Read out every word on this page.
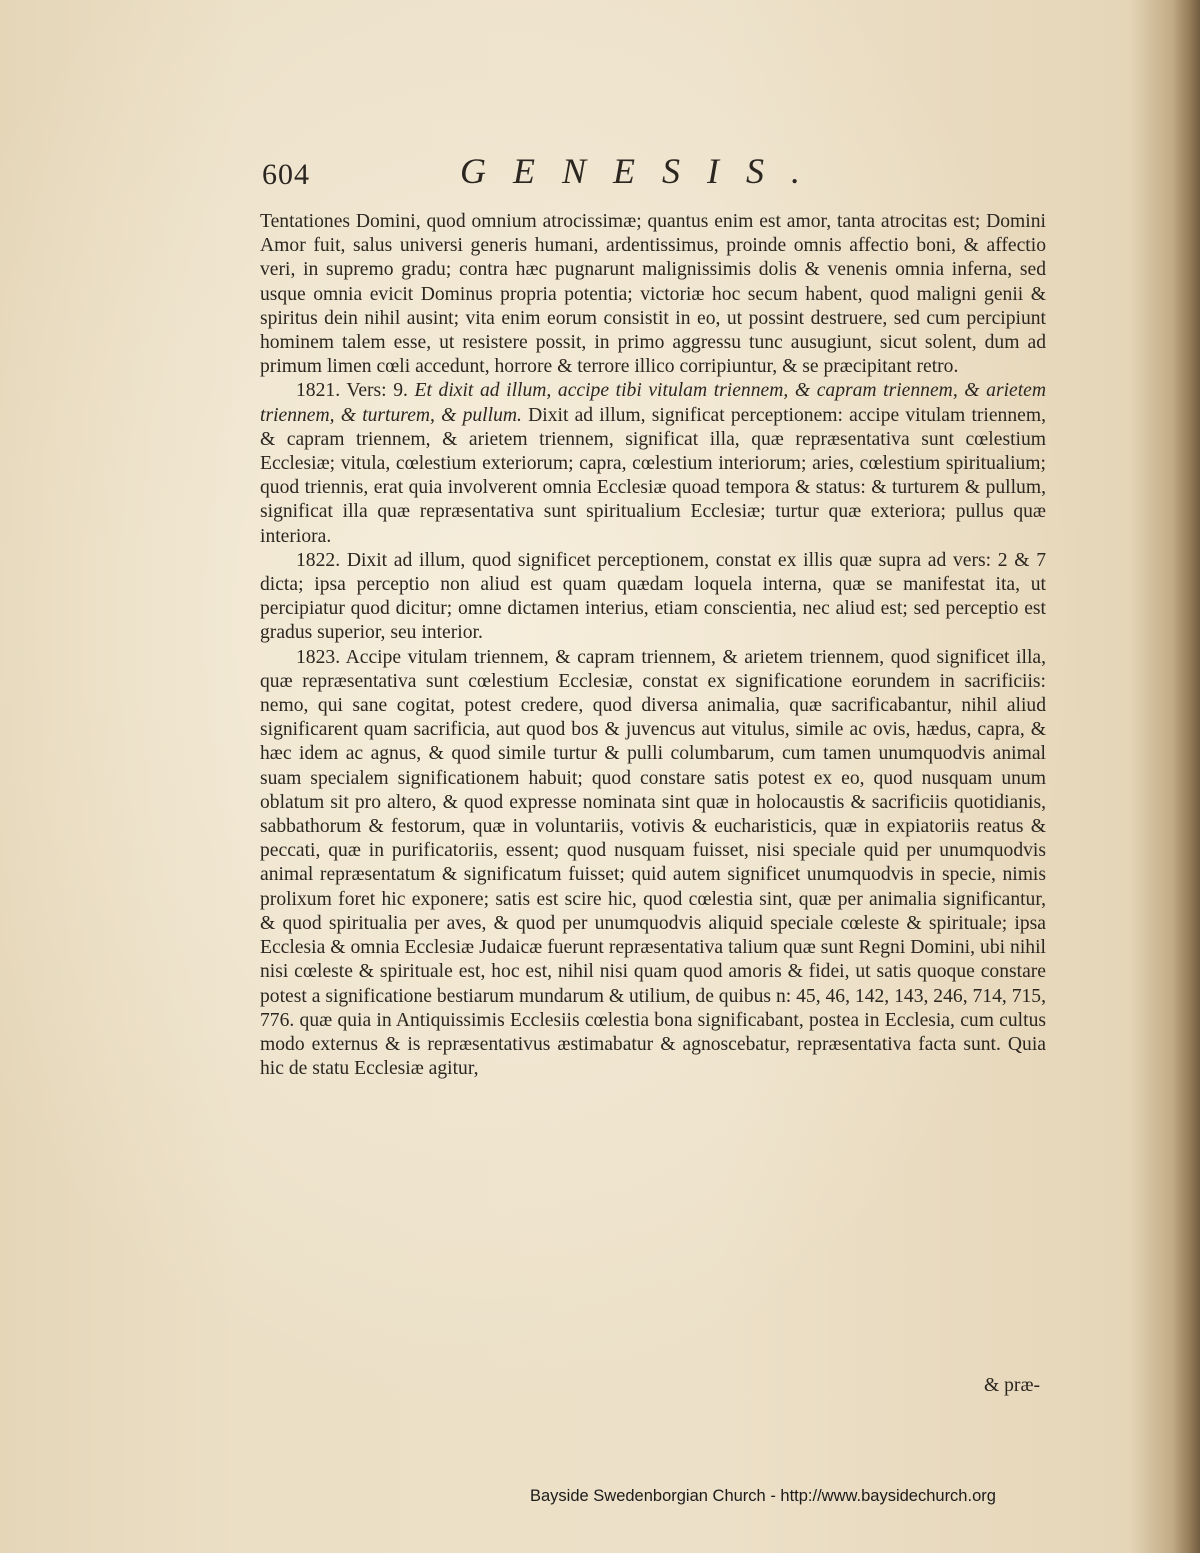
604	GENESIS.

Tentationes Domini, quod omnium atrocissimæ; quantus enim est amor, tanta atrocitas est; Domini Amor fuit, salus universi generis humani, ardentissimus, proinde omnis affectio boni, & affectio veri, in supremo gradu; contra hæc pugnarunt malignissimis dolis & venenis omnia inferna, sed usque omnia evicit Dominus propria potentia; victoriæ hoc secum habent, quod maligni genii & spiritus dein nihil ausint; vita enim eorum consistit in eo, ut possint destruere, sed cum percipiunt hominem talem esse, ut resistere possit, in primo aggressu tunc ausugiunt, sicut solent, dum ad primum limen cœli accedunt, horrore & terrore illico corripiuntur, & se præcipitant retro.

1821. Vers: 9. Et dixit ad illum, accipe tibi vitulam triennem, & capram triennem, & arietem triennem, & turturem, & pullum. Dixit ad illum, significat perceptionem: accipe vitulam triennem, & capram triennem, & arietem triennem, significat illa, quæ repræsentativa sunt cœlestium Ecclesiæ; vitula, cœlestium exteriorum; capra, cœlestium interiorum; aries, cœlestium spiritualium; quod triennis, erat quia involverent omnia Ecclesiæ quoad tempora & status: & turturem & pullum, significat illa quæ repræsentativa sunt spiritualium Ecclesiæ; turtur quæ exteriora; pullus quæ interiora.

1822. Dixit ad illum, quod significet perceptionem, constat ex illis quæ supra ad vers: 2 & 7 dicta; ipsa perceptio non aliud est quam quædam loquela interna, quæ se manifestat ita, ut percipiatur quod dicitur; omne dictamen interius, etiam conscientia, nec aliud est; sed perceptio est gradus superior, seu interior.

1823. Accipe vitulam triennem, & capram triennem, & arietem triennem, quod significet illa, quæ repræsentativa sunt cœlestium Ecclesiæ, constat ex significatione eorundem in sacrificiis: nemo, qui sane cogitat, potest credere, quod diversa animalia, quæ sacrificabantur, nihil aliud significarent quam sacrificia, aut quod bos & juvencus aut vitulus, simile ac ovis, hædus, capra, & hæc idem ac agnus, & quod simile turtur & pulli columbarum, cum tamen unumquodvis animal suam specialem significationem habuit; quod constare satis potest ex eo, quod nusquam unum oblatum sit pro altero, & quod expresse nominata sint quæ in holocaustis & sacrificiis quotidianis, sabbathorum & festorum, quæ in voluntariis, votivis & eucharisticis, quæ in expiatoriis reatus & peccati, quæ in purificatoriis, essent; quod nusquam fuisset, nisi speciale quid per unumquodvis animal repræsentatum & significatum fuisset; quid autem significet unumquodvis in specie, nimis prolixum foret hic exponere; satis est scire hic, quod cœlestia sint, quæ per animalia significantur, & quod spiritualia per aves, & quod per unumquodvis aliquid speciale cœleste & spirituale; ipsa Ecclesia & omnia Ecclesiæ Judaicæ fuerunt repræsentativa talium quæ sunt Regni Domini, ubi nihil nisi cœleste & spirituale est, hoc est, nihil nisi quam quod amoris & fidei, ut satis quoque constare potest a significatione bestiarum mundarum & utilium, de quibus n: 45, 46, 142, 143, 246, 714, 715, 776. quæ quia in Antiquissimis Ecclesiis cœlestia bona significabant, postea in Ecclesia, cum cultus modo externus & is repræsentativus æstimabatur & agnoscebatur, repræsentativa facta sunt. Quia hic de statu Ecclesiæ agitur,

& præ-
Bayside Swedenborgian Church - http://www.baysidechurch.org
